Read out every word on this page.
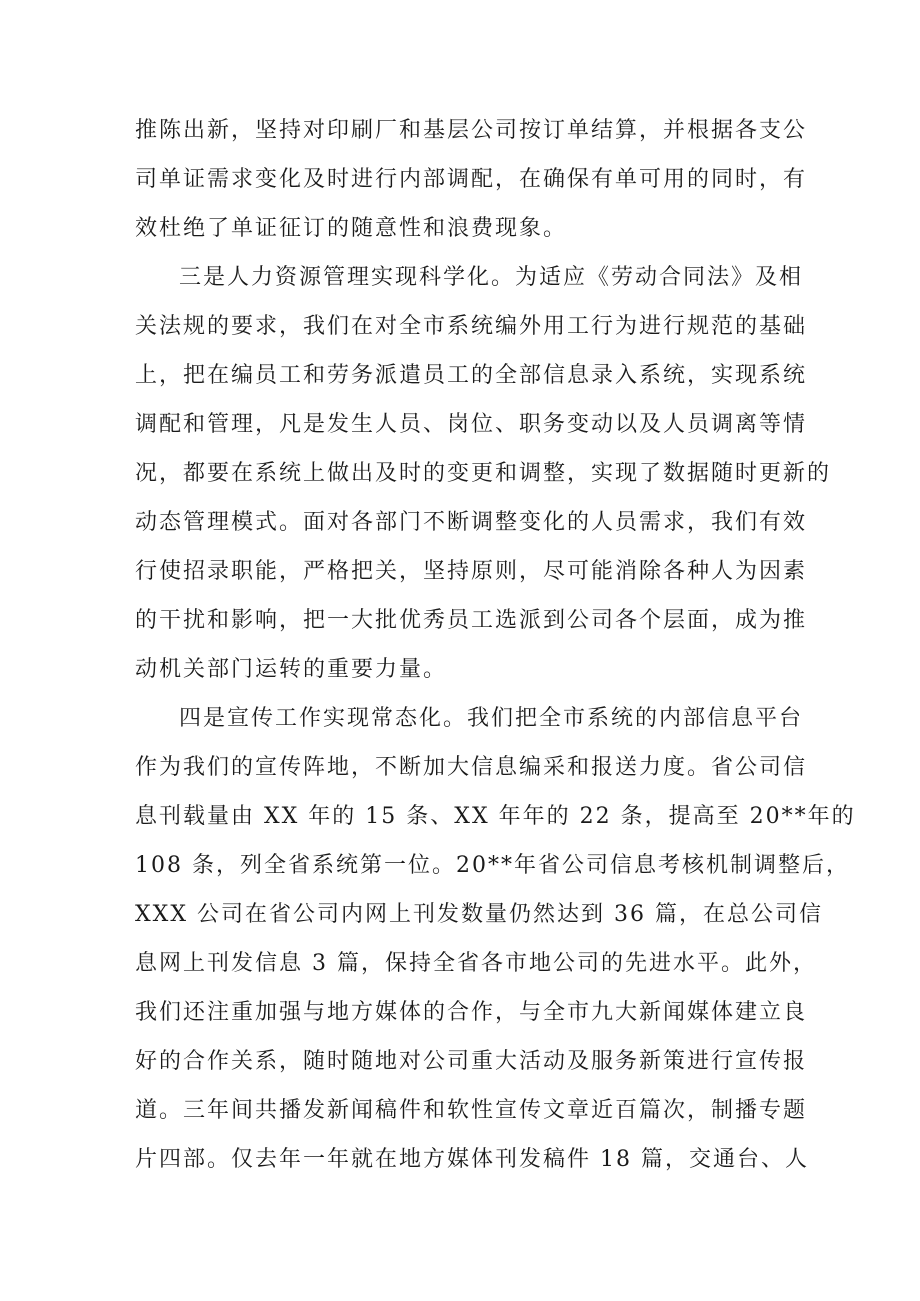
推陈出新，坚持对印刷厂和基层公司按订单结算，并根据各支公
司单证需求变化及时进行内部调配，在确保有单可用的同时，有
效杜绝了单证征订的随意性和浪费现象。
三是人力资源管理实现科学化。为适应《劳动合同法》及相
关法规的要求，我们在对全市系统编外用工行为进行规范的基础
上，把在编员工和劳务派遣员工的全部信息录入系统，实现系统
调配和管理，凡是发生人员、岗位、职务变动以及人员调离等情
况，都要在系统上做出及时的变更和调整，实现了数据随时更新的
动态管理模式。面对各部门不断调整变化的人员需求，我们有效
行使招录职能，严格把关，坚持原则，尽可能消除各种人为因素
的干扰和影响，把一大批优秀员工选派到公司各个层面，成为推
动机关部门运转的重要力量。
四是宣传工作实现常态化。我们把全市系统的内部信息平台
作为我们的宣传阵地，不断加大信息编采和报送力度。省公司信
息刊载量由 XX 年的 15 条、XX 年年的 22 条，提高至 20**年的
108 条，列全省系统第一位。20**年省公司信息考核机制调整后，
XXX 公司在省公司内网上刊发数量仍然达到 36 篇，在总公司信
息网上刊发信息 3 篇，保持全省各市地公司的先进水平。此外，
我们还注重加强与地方媒体的合作，与全市九大新闻媒体建立良
好的合作关系，随时随地对公司重大活动及服务新策进行宣传报
道。三年间共播发新闻稿件和软性宣传文章近百篇次，制播专题
片四部。仅去年一年就在地方媒体刊发稿件 18 篇，交通台、人
